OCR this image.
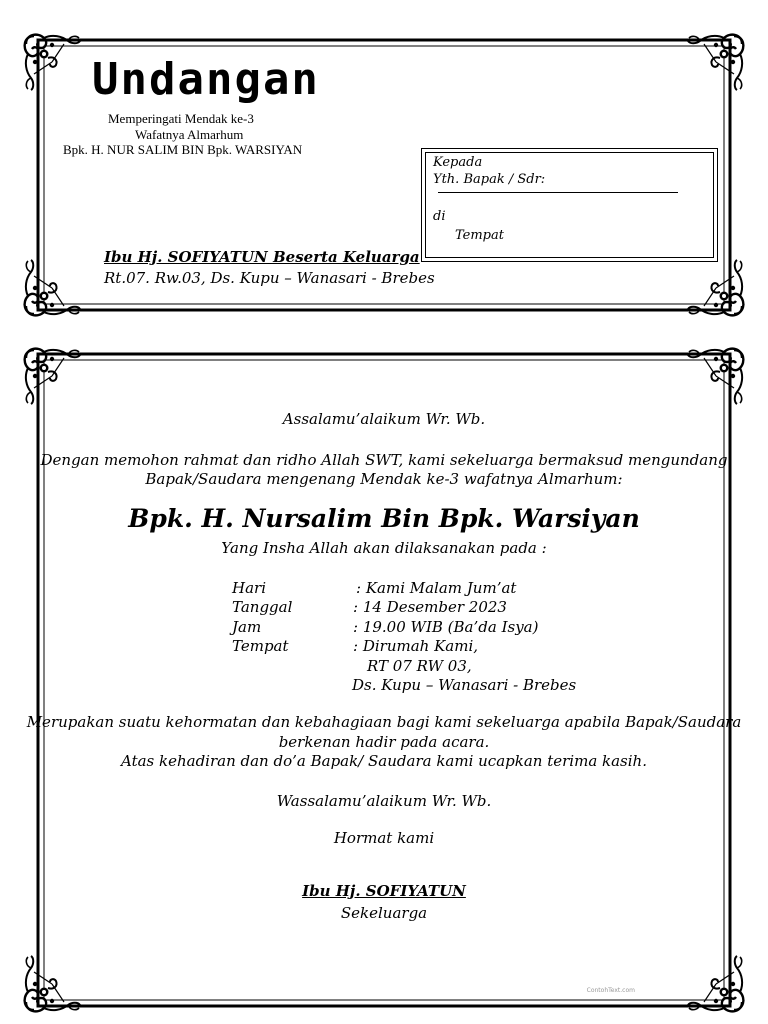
Undangan
Memperingati Mendak ke-3
Wafatnya Almarhum
Bpk. H. NUR SALIM BIN Bpk. WARSIYAN
Ibu Hj. SOFIYATUN Beserta Keluarga
Rt.07. Rw.03, Ds. Kupu – Wanasari - Brebes
Kepada
Yth. Bapak / Sdr:
di
Tempat
Assalamu’alaikum Wr. Wb.
Dengan memohon rahmat dan ridho Allah SWT, kami sekeluarga bermaksud mengundang
Bapak/Saudara mengenang Mendak ke-3 wafatnya Almarhum:
Bpk. H. Nursalim Bin Bpk. Warsiyan
Yang Insha Allah akan dilaksanakan pada :
Hari	: Kami Malam Jum’at
Tanggal	: 14 Desember 2023
Jam	: 19.00 WIB (Ba’da Isya)
Tempat	: Dirumah Kami,
RT 07 RW 03,
Ds. Kupu – Wanasari - Brebes
Merupakan suatu kehormatan dan kebahagiaan bagi kami sekeluarga apabila Bapak/Saudara
berkenan hadir pada acara.
Atas kehadiran dan do’a Bapak/ Saudara kami ucapkan terima kasih.
Wassalamu’alaikum Wr. Wb.
Hormat kami
Ibu Hj. SOFIYATUN
Sekeluarga
ContohText.com
